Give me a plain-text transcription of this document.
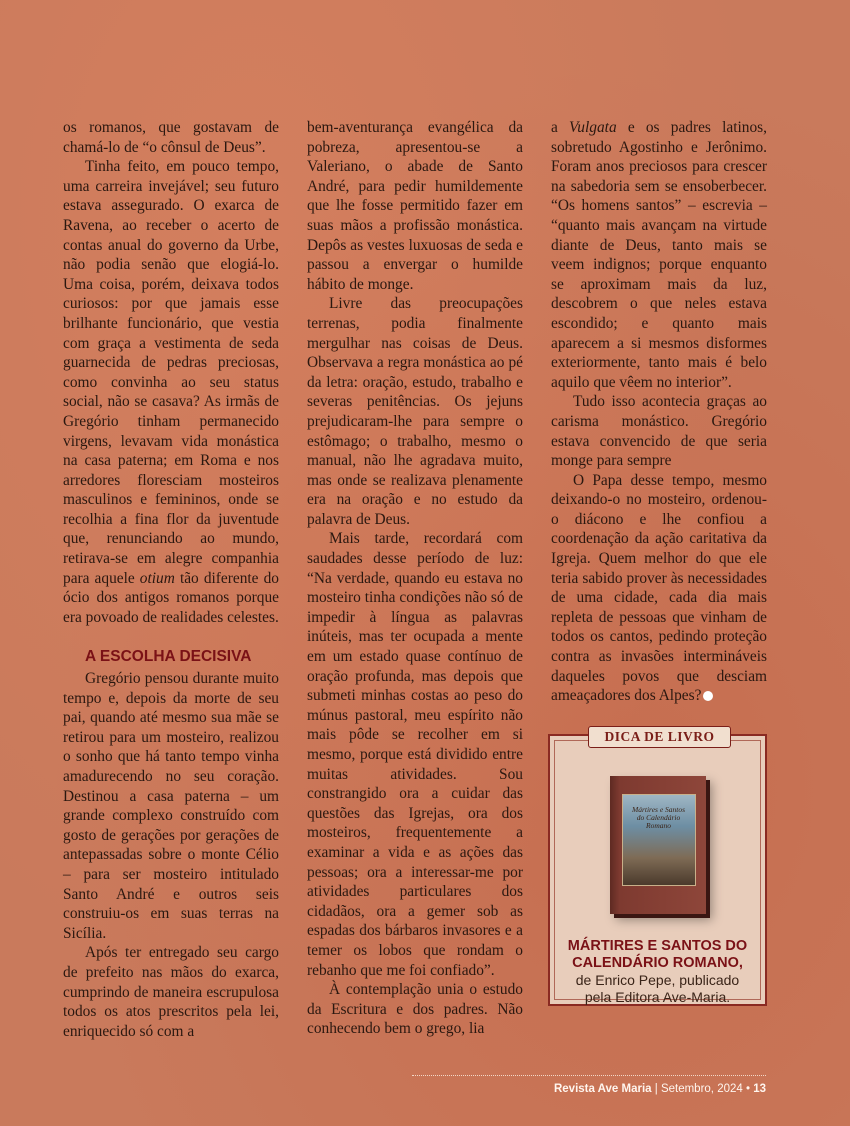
os romanos, que gostavam de chamá-lo de “o cônsul de Deus”.

Tinha feito, em pouco tempo, uma carreira invejável; seu futuro estava assegurado. O exarca de Ravena, ao receber o acerto de contas anual do governo da Urbe, não podia senão que elogiá-lo. Uma coisa, porém, deixava todos curiosos: por que jamais esse brilhante funcionário, que vestia com graça a vestimenta de seda guarnecida de pedras preciosas, como convinha ao seu status social, não se casava? As irmãs de Gregório tinham permanecido virgens, levavam vida monástica na casa paterna; em Roma e nos arredores floresciam mosteiros masculinos e femininos, onde se recolhia a fina flor da juventude que, renunciando ao mundo, retirava-se em alegre companhia para aquele otium tão diferente do ócio dos antigos romanos porque era povoado de realidades celestes.

A ESCOLHA DECISIVA

Gregório pensou durante muito tempo e, depois da morte de seu pai, quando até mesmo sua mãe se retirou para um mosteiro, realizou o sonho que há tanto tempo vinha amadurecendo no seu coração. Destinou a casa paterna – um grande complexo construído com gosto de gerações por gerações de antepassadas sobre o monte Célio – para ser mosteiro intitulado Santo André e outros seis construiu-os em suas terras na Sicília.

Após ter entregado seu cargo de prefeito nas mãos do exarca, cumprindo de maneira escrupulosa todos os atos prescritos pela lei, enriquecido só com a

bem-aventurança evangélica da pobreza, apresentou-se a Valeriano, o abade de Santo André, para pedir humildemente que lhe fosse permitido fazer em suas mãos a profissão monástica. Depôs as vestes luxuosas de seda e passou a envergar o humilde hábito de monge.

Livre das preocupações terrenas, podia finalmente mergulhar nas coisas de Deus. Observava a regra monástica ao pé da letra: oração, estudo, trabalho e severas penitências. Os jejuns prejudicaram-lhe para sempre o estômago; o trabalho, mesmo o manual, não lhe agradava muito, mas onde se realizava plenamente era na oração e no estudo da palavra de Deus.

Mais tarde, recordará com saudades desse período de luz: “Na verdade, quando eu estava no mosteiro tinha condições não só de impedir à língua as palavras inúteis, mas ter ocupada a mente em um estado quase contínuo de oração profunda, mas depois que submeti minhas costas ao peso do múnus pastoral, meu espírito não mais pôde se recolher em si mesmo, porque está dividido entre muitas atividades. Sou constrangido ora a cuidar das questões das Igrejas, ora dos mosteiros, frequentemente a examinar a vida e as ações das pessoas; ora a interessar-me por atividades particulares dos cidadãos, ora a gemer sob as espadas dos bárbaros invasores e a temer os lobos que rondam o rebanho que me foi confiado”.

À contemplação unia o estudo da Escritura e dos padres. Não conhecendo bem o grego, lia

a Vulgata e os padres latinos, sobretudo Agostinho e Jerônimo. Foram anos preciosos para crescer na sabedoria sem se ensoberbecer. “Os homens santos” – escrevia – “quanto mais avançam na virtude diante de Deus, tanto mais se veem indignos; porque enquanto se aproximam mais da luz, descobrem o que neles estava escondido; e quanto mais aparecem a si mesmos disformes exteriormente, tanto mais é belo aquilo que vêem no interior”.

Tudo isso acontecia graças ao carisma monástico. Gregório estava convencido de que seria monge para sempre

O Papa desse tempo, mesmo deixando-o no mosteiro, ordenou-o diácono e lhe confiou a coordenação da ação caritativa da Igreja. Quem melhor do que ele teria sabido prover às necessidades de uma cidade, cada dia mais repleta de pessoas que vinham de todos os cantos, pedindo proteção contra as invasões intermináveis daqueles povos que desciam ameaçadores dos Alpes?

DICA DE LIVRO
Mártires e Santos do Calendário Romano
MÁRTIRES E SANTOS DO CALENDÁRIO ROMANO,
de Enrico Pepe, publicado pela Editora Ave-Maria.
Revista Ave Maria | Setembro, 2024 • 13
